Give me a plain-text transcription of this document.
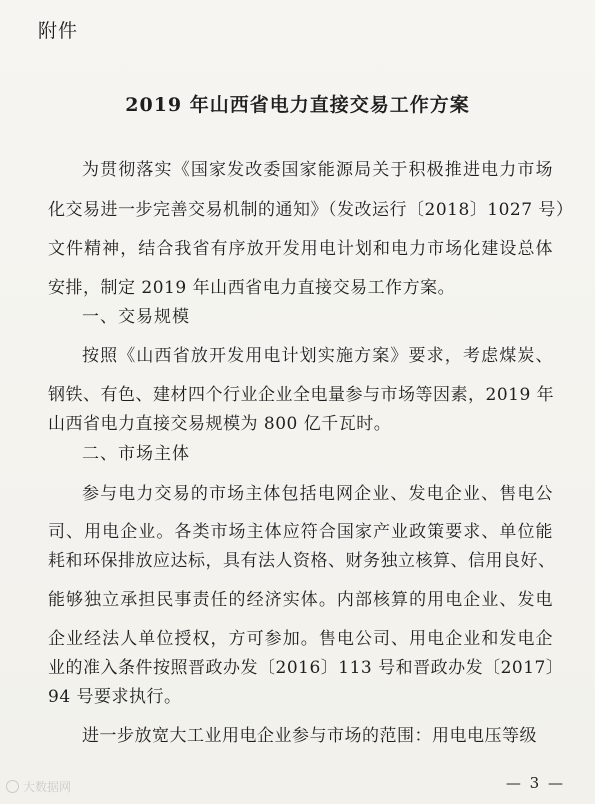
附件
2019 年山西省电力直接交易工作方案
为贯彻落实《国家发改委国家能源局关于积极推进电力市场
化交易进一步完善交易机制的通知》（发改运行〔2018〕1027 号）
文件精神，结合我省有序放开发用电计划和电力市场化建设总体
安排，制定 2019 年山西省电力直接交易工作方案。
一、交易规模
按照《山西省放开发用电计划实施方案》要求，考虑煤炭、
钢铁、有色、建材四个行业企业全电量参与市场等因素，2019 年
山西省电力直接交易规模为 800 亿千瓦时。
二、市场主体
参与电力交易的市场主体包括电网企业、发电企业、售电公
司、用电企业。各类市场主体应符合国家产业政策要求、单位能
耗和环保排放应达标，具有法人资格、财务独立核算、信用良好、
能够独立承担民事责任的经济实体。内部核算的用电企业、发电
企业经法人单位授权，方可参加。售电公司、用电企业和发电企
业的准入条件按照晋政办发〔2016〕113 号和晋政办发〔2017〕
94 号要求执行。
进一步放宽大工业用电企业参与市场的范围：用电电压等级
— 3 —
大数据网
